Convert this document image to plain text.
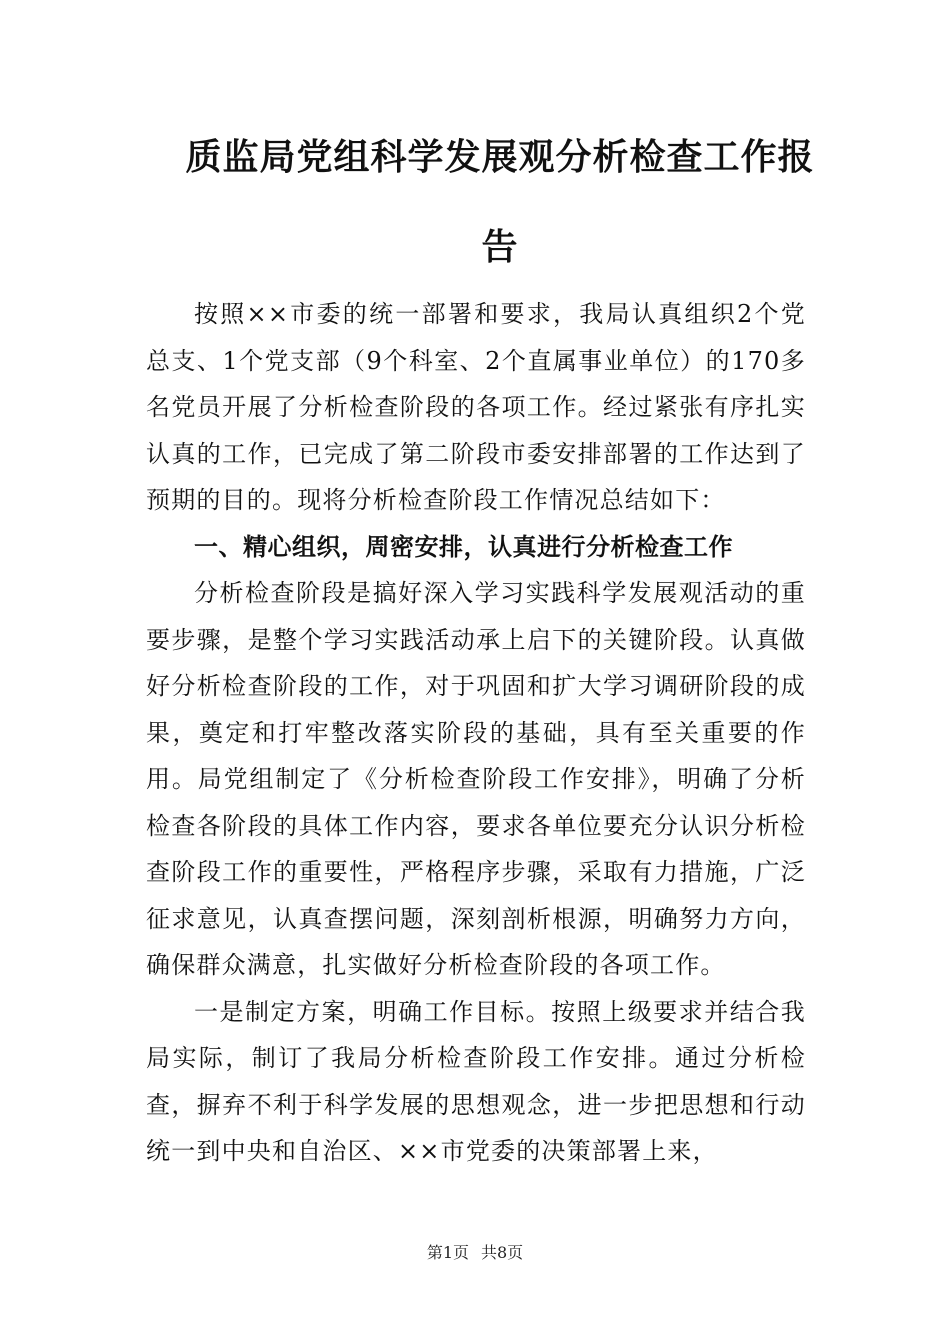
质监局党组科学发展观分析检查工作报
告

按照××市委的统一部署和要求，我局认真组织2个党总支、1个党支部（9个科室、2个直属事业单位）的170多名党员开展了分析检查阶段的各项工作。经过紧张有序扎实认真的工作，已完成了第二阶段市委安排部署的工作达到了预期的目的。现将分析检查阶段工作情况总结如下：

一、精心组织，周密安排，认真进行分析检查工作

分析检查阶段是搞好深入学习实践科学发展观活动的重要步骤，是整个学习实践活动承上启下的关键阶段。认真做好分析检查阶段的工作，对于巩固和扩大学习调研阶段的成果，奠定和打牢整改落实阶段的基础，具有至关重要的作用。局党组制定了《分析检查阶段工作安排》，明确了分析检查各阶段的具体工作内容，要求各单位要充分认识分析检查阶段工作的重要性，严格程序步骤，采取有力措施，广泛征求意见，认真查摆问题，深刻剖析根源，明确努力方向，确保群众满意，扎实做好分析检查阶段的各项工作。

一是制定方案，明确工作目标。按照上级要求并结合我局实际，制订了我局分析检查阶段工作安排。通过分析检查，摒弃不利于科学发展的思想观念，进一步把思想和行动统一到中央和自治区、××市党委的决策部署上来，

第1页 共8页
